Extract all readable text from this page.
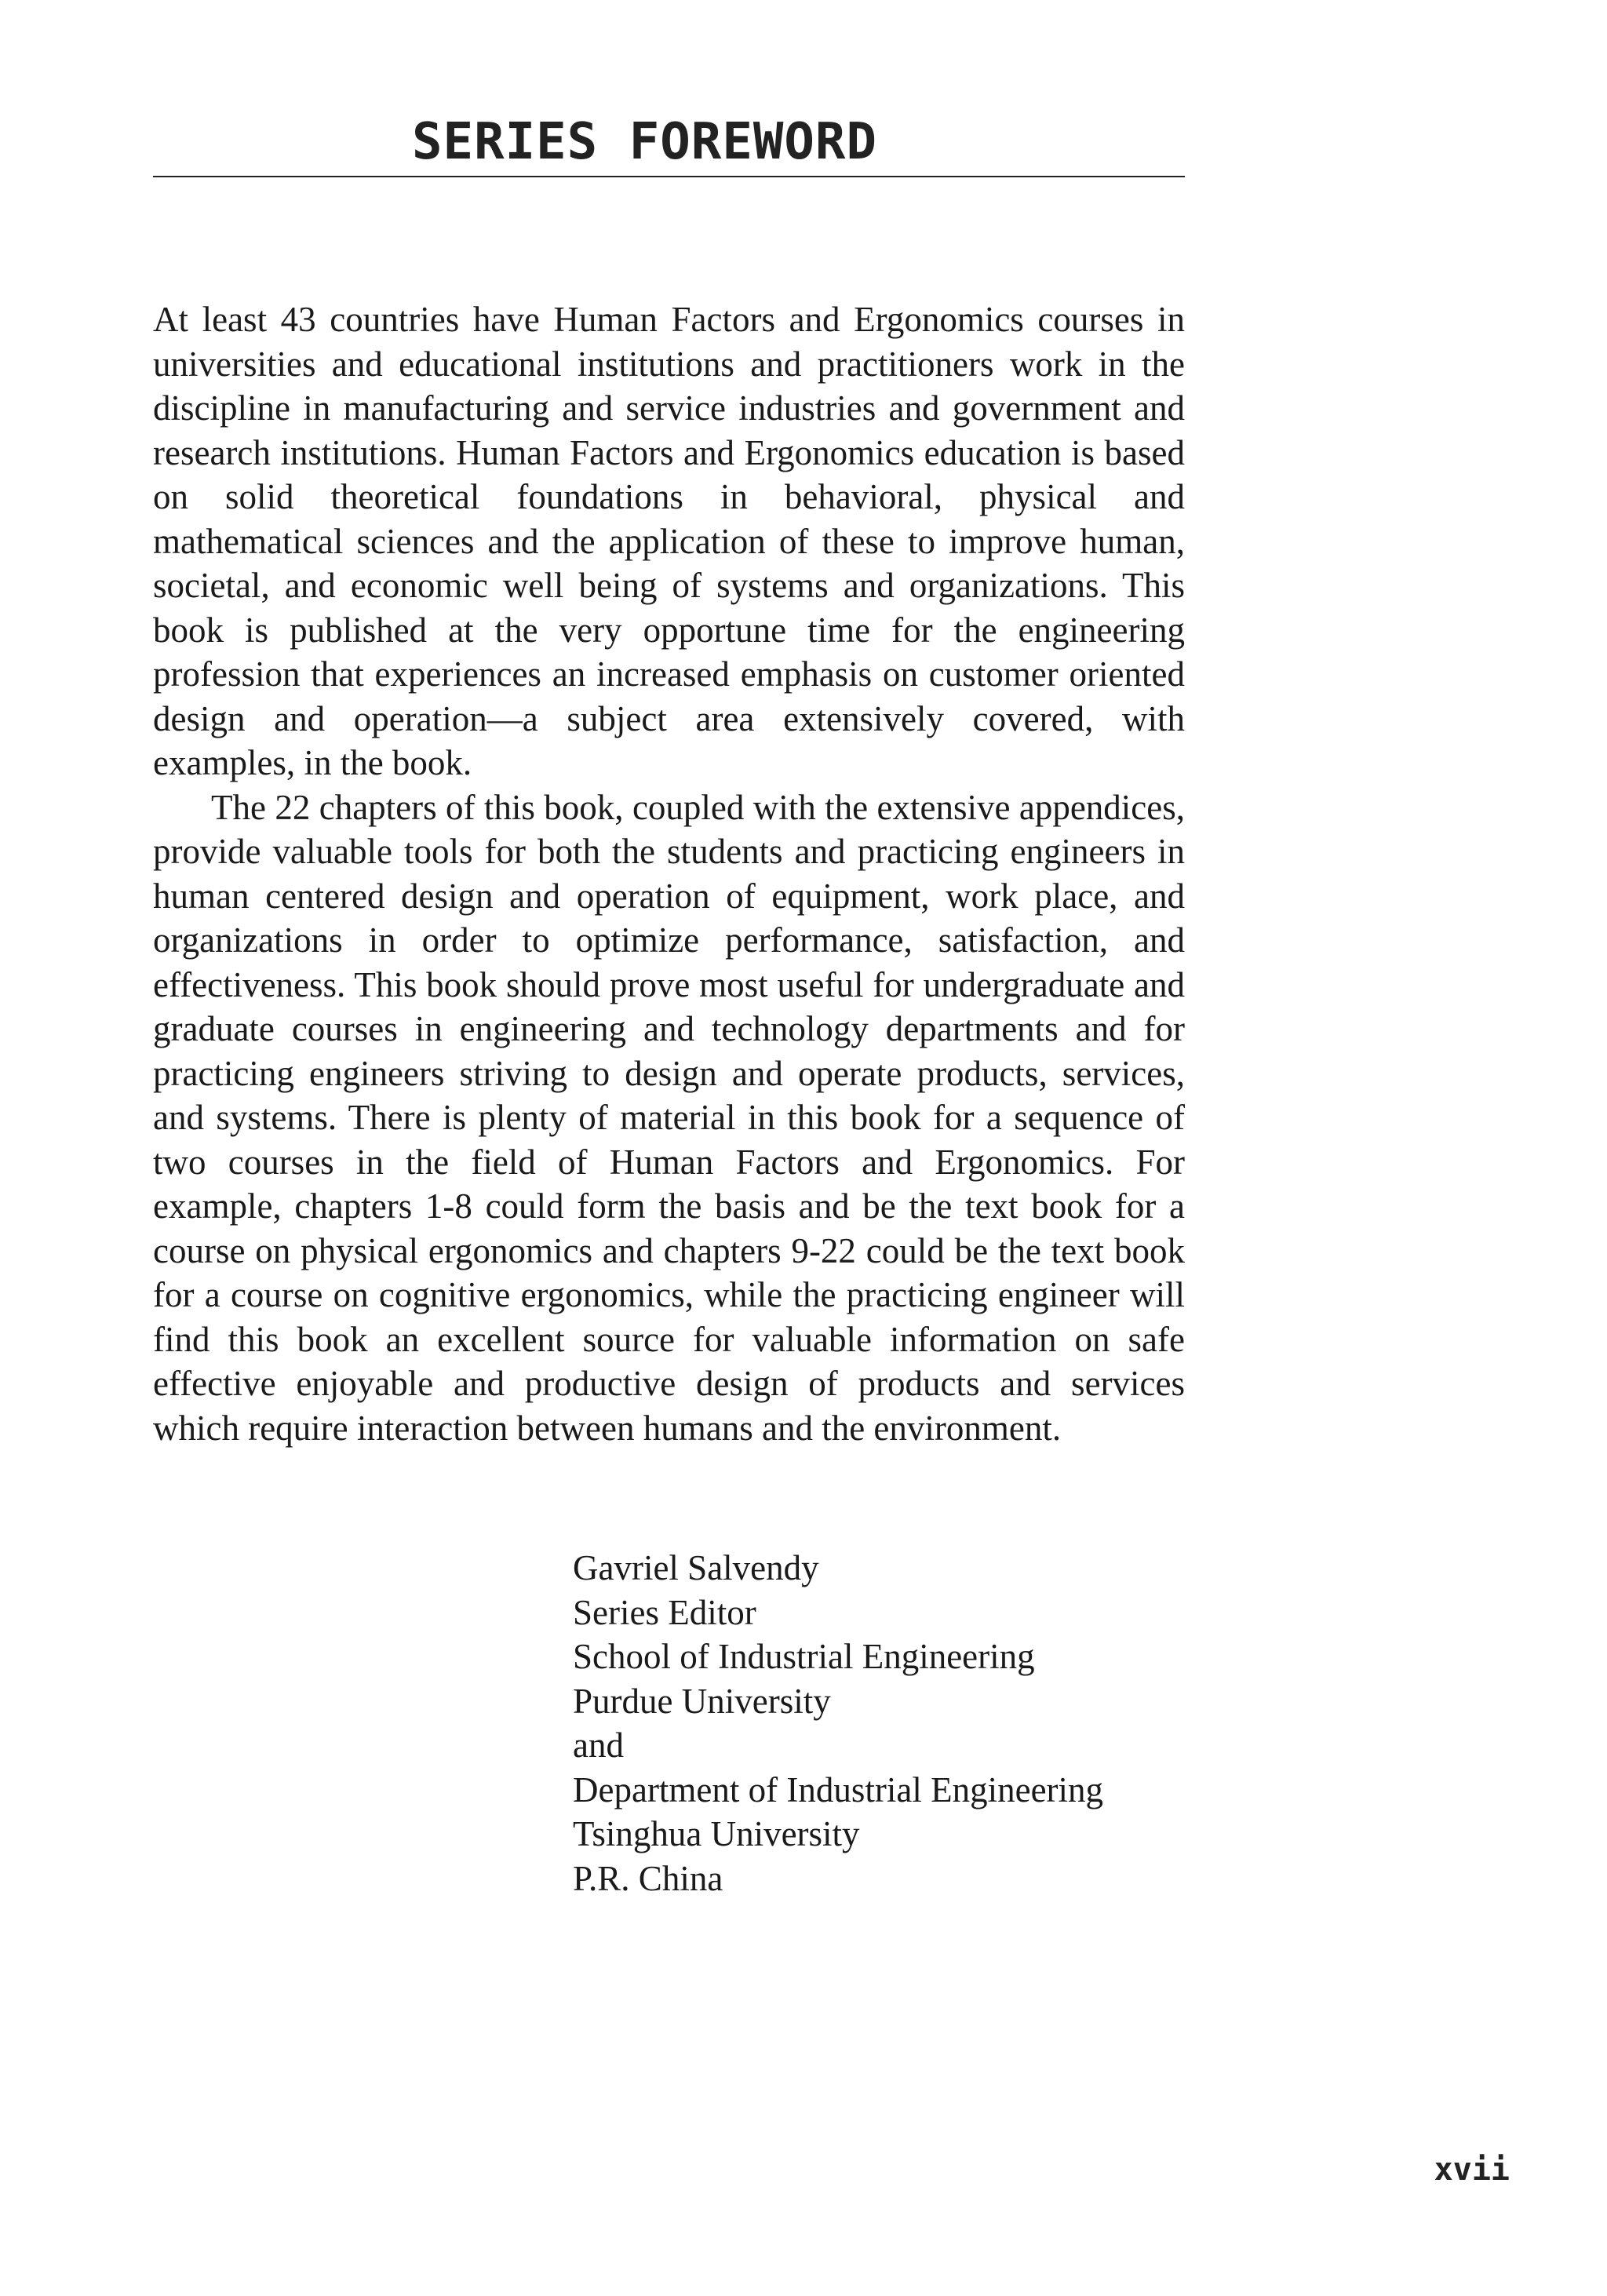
SERIES FOREWORD

At least 43 countries have Human Factors and Ergonomics courses in universities and educational institutions and practitioners work in the discipline in manufacturing and service industries and government and research institutions. Human Factors and Ergonomics education is based on solid theoretical foundations in behavioral, physical and mathematical sciences and the application of these to improve human, societal, and economic well being of systems and organizations. This book is published at the very opportune time for the engineering profession that experiences an increased emphasis on customer oriented design and operation—a subject area extensively covered, with examples, in the book.

The 22 chapters of this book, coupled with the extensive appendices, provide valuable tools for both the students and practicing engineers in human centered design and operation of equipment, work place, and organizations in order to optimize performance, satisfaction, and effectiveness. This book should prove most useful for undergraduate and graduate courses in engineering and technology departments and for practicing engineers striving to design and operate products, services, and systems. There is plenty of material in this book for a sequence of two courses in the field of Human Factors and Ergonomics. For example, chapters 1-8 could form the basis and be the text book for a course on physical ergonomics and chapters 9-22 could be the text book for a course on cognitive ergonomics, while the practicing engineer will find this book an excellent source for valuable information on safe effective enjoyable and productive design of products and services which require interaction between humans and the environment.

Gavriel Salvendy
Series Editor
School of Industrial Engineering
Purdue University
and
Department of Industrial Engineering
Tsinghua University
P.R. China
xvii
